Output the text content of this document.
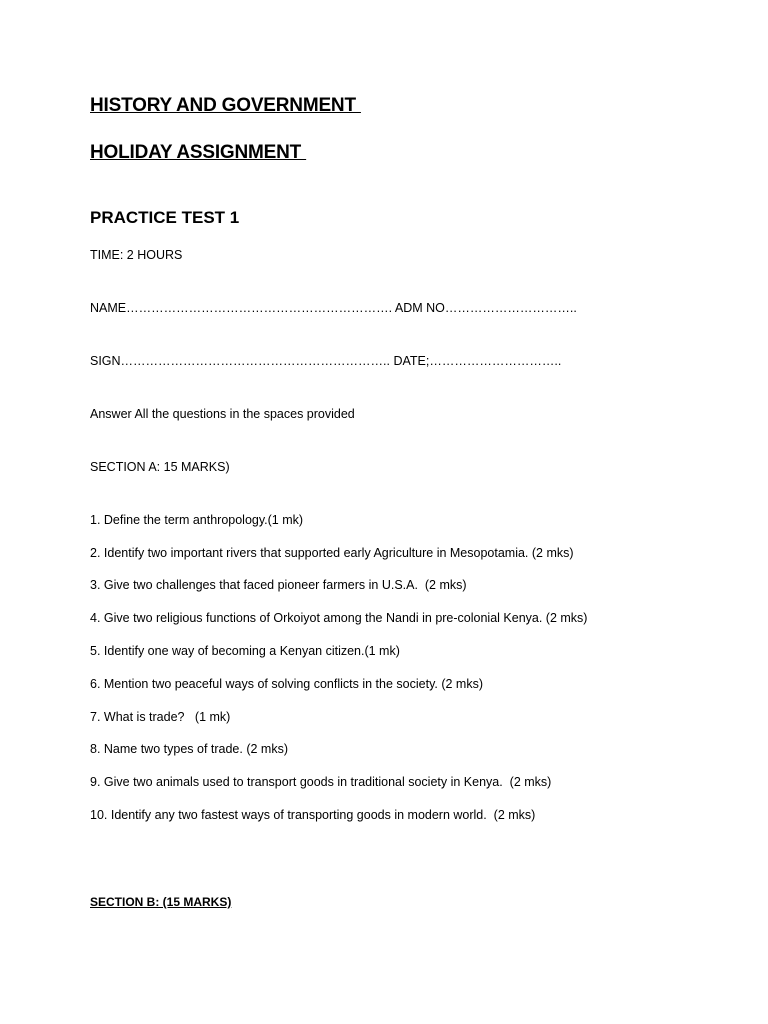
HISTORY AND GOVERNMENT
HOLIDAY ASSIGNMENT
PRACTICE TEST 1

TIME: 2 HOURS

NAME………………………………………………………. ADM NO…………………………..

SIGN……………………………………………………….. DATE;…………………………..

Answer All the questions in the spaces provided

SECTION A: 15 MARKS)

1. Define the term anthropology.(1 mk)

2. Identify two important rivers that supported early Agriculture in Mesopotamia. (2 mks)

3. Give two challenges that faced pioneer farmers in U.S.A.  (2 mks)

4. Give two religious functions of Orkoiyot among the Nandi in pre-colonial Kenya. (2 mks)

5. Identify one way of becoming a Kenyan citizen.(1 mk)

6. Mention two peaceful ways of solving conflicts in the society. (2 mks)

7. What is trade?   (1 mk)

8. Name two types of trade. (2 mks)

9. Give two animals used to transport goods in traditional society in Kenya.  (2 mks)

10. Identify any two fastest ways of transporting goods in modern world.  (2 mks)

SECTION B: (15 MARKS)
